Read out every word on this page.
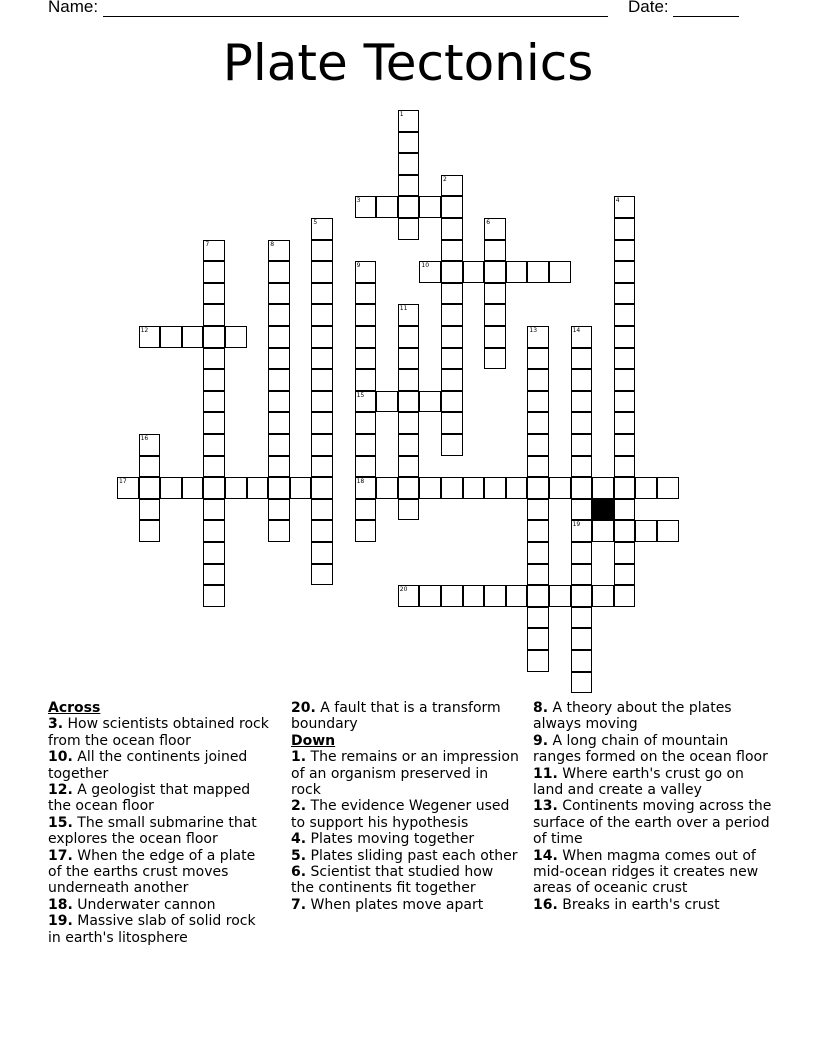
Name:	Date:
Plate Tectonics
1
2
3	4
5	6
7	8
9
15
18
10
11
12	13	14
19
16
17
20
Across
3. How scientists obtained rock from the ocean floor
10. All the continents joined together
12. A geologist that mapped the ocean floor
15. The small submarine that explores the ocean floor
17. When the edge of a plate of the earths crust moves underneath another
18. Underwater cannon
19. Massive slab of solid rock in earth's litosphere
20. A fault that is a transform boundary
Down
1. The remains or an impression of an organism preserved in rock
2. The evidence Wegener used to support his hypothesis
4. Plates moving together
5. Plates sliding past each other
6. Scientist that studied how the continents fit together
7. When plates move apart
8. A theory about the plates always moving
9. A long chain of mountain ranges formed on the ocean floor
11. Where earth's crust go on land and create a valley
13. Continents moving across the surface of the earth over a period of time
14. When magma comes out of mid-ocean ridges it creates new areas of oceanic crust
16. Breaks in earth's crust
